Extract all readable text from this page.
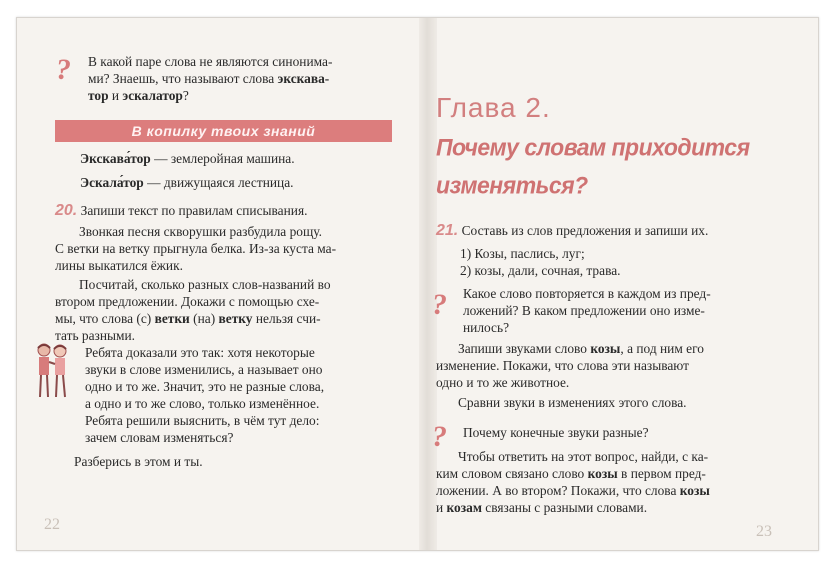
? В какой паре слова не являются синонима-
ми? Знаешь, что называют слова экскава-
тор и эскалатор?
В копилку твоих знаний
Экскава́тор — землеройная машина.
Эскала́тор — движущаяся лестница.
20. Запиши текст по правилам списывания.
Звонкая песня скворушки разбудила рощу.
С ветки на ветку прыгнула белка. Из-за куста ма-
лины выкатился ёжик.
Посчитай, сколько разных слов-названий во
втором предложении. Докажи с помощью схе-
мы, что слова (с) ветки (на) ветку нельзя счи-
тать разными.
Ребята доказали это так: хотя некоторые
звуки в слове изменились, а называет оно
одно и то же. Значит, это не разные слова,
а одно и то же слово, только изменённое.
Ребята решили выяснить, в чём тут дело:
зачем словам изменяться?
Разберись в этом и ты.
22
Глава 2.
Почему словам приходится
изменяться?
21. Составь из слов предложения и запиши их.
1) Козы, паслись, луг;
2) козы, дали, сочная, трава.
? Какое слово повторяется в каждом из пред-
ложений? В каком предложении оно изме-
нилось?
Запиши звуками слово козы, а под ним его
изменение. Покажи, что слова эти называют
одно и то же животное.
Сравни звуки в изменениях этого слова.
? Почему конечные звуки разные?
Чтобы ответить на этот вопрос, найди, с ка-
ким словом связано слово козы в первом пред-
ложении. А во втором? Покажи, что слова козы
и козам связаны с разными словами.
23
